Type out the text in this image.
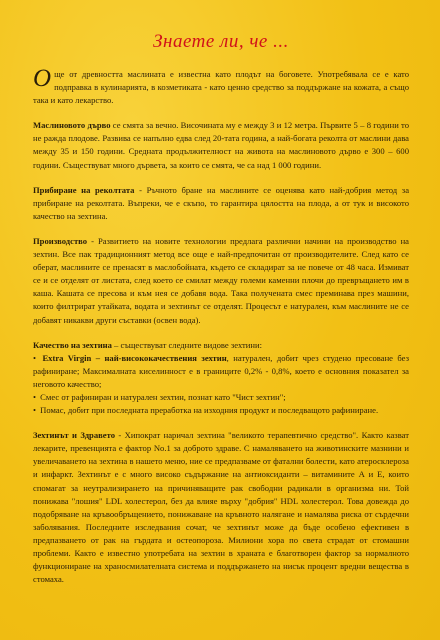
Знаете ли, че ...

Още от древността маслината е известна като плодът на боговете. Употребявала се е като подправка в кулинарията, в козметиката - като ценно средство за поддържане на кожата, а също така и като лекарство.

Маслиновото дърво се смята за вечно. Височината му е между 3 и 12 метра. Първите 5 – 8 години то не ражда плодове. Развива се напълно едва след 20-тата година, а най-богата реколта от маслини дава между 35 и 150 години. Средната продължителност на живота на маслиновото дърво е 300 – 600 години. Съществуват много дървета, за които се смята, че са над 1 000 години.

Прибиране на реколтата - Ръчното бране на маслините се оценява като най-добрия метод за прибиране на реколтата. Въпреки, че е скъпо, то гарантира цялостта на плода, а от тук и високото качество на зехтина.

Производство - Развитието на новите технологии предлага различни начини на производство на зехтин. Все пак традиционният метод все още е най-предпочитан от производителите. След като се оберат, маслините се пренасят в маслобойната, където се складират за не повече от 48 часа. Измиват се и се отделят от листата, след което се смилат между големи каменни плочи до превръщането им в каша. Кашата се пресова и към нея се добавя вода. Така получената смес преминава през машини, които филтрират утайката, водата и зехтинът се отделят. Процесът е натурален, към маслините не се добавят никакви други съставки (освен вода).

Качество на зехтина – съществуват следните видове зехтини:

• Extra Virgin – най-висококачествения зехтин, натурален, добит чрез студено пресоване без рафиниране; Максималната киселинност е в границите 0,2% - 0,8%, което е основния показател за неговото качество;
• Смес от рафиниран и натурален зехтин, познат като "Чист зехтин";
• Помас, добит при последната преработка на изходния продукт и последващото рафиниране.

Зехтинът и Здравето - Хипократ наричал зехтина "великото терапевтично средство". Както казват лекарите, превенцията е фактор No.1 за доброто здраве. С намаляването на животинските мазнини и увеличаването на зехтина в нашето меню, ние се предпазваме от фатални болести, като атеросклероза и инфаркт. Зехтинът е с много високо съдържание на антиоксиданти – витамините А и Е, които спомагат за неутрализирането на причиняващите рак свободни радикали в организма ни. Той понижава "лошия" LDL холестерол, без да влияе върху "добрия" HDL холестерол. Това довежда до подобряване на кръвообръщението, понижаване на кръвното налягане и намалява риска от сърдечни заболявания. Последните изследвания сочат, че зехтинът може да бъде особено ефективен в предпазването от рак на гърдата и остеопороза. Милиони хора по света страдат от стомашни проблеми. Както е известно употребата на зехтин в храната е благотворен фактор за нормалното функциониране на храносмилателната система и поддържането на нисък процент вредни вещества в стомаха.
